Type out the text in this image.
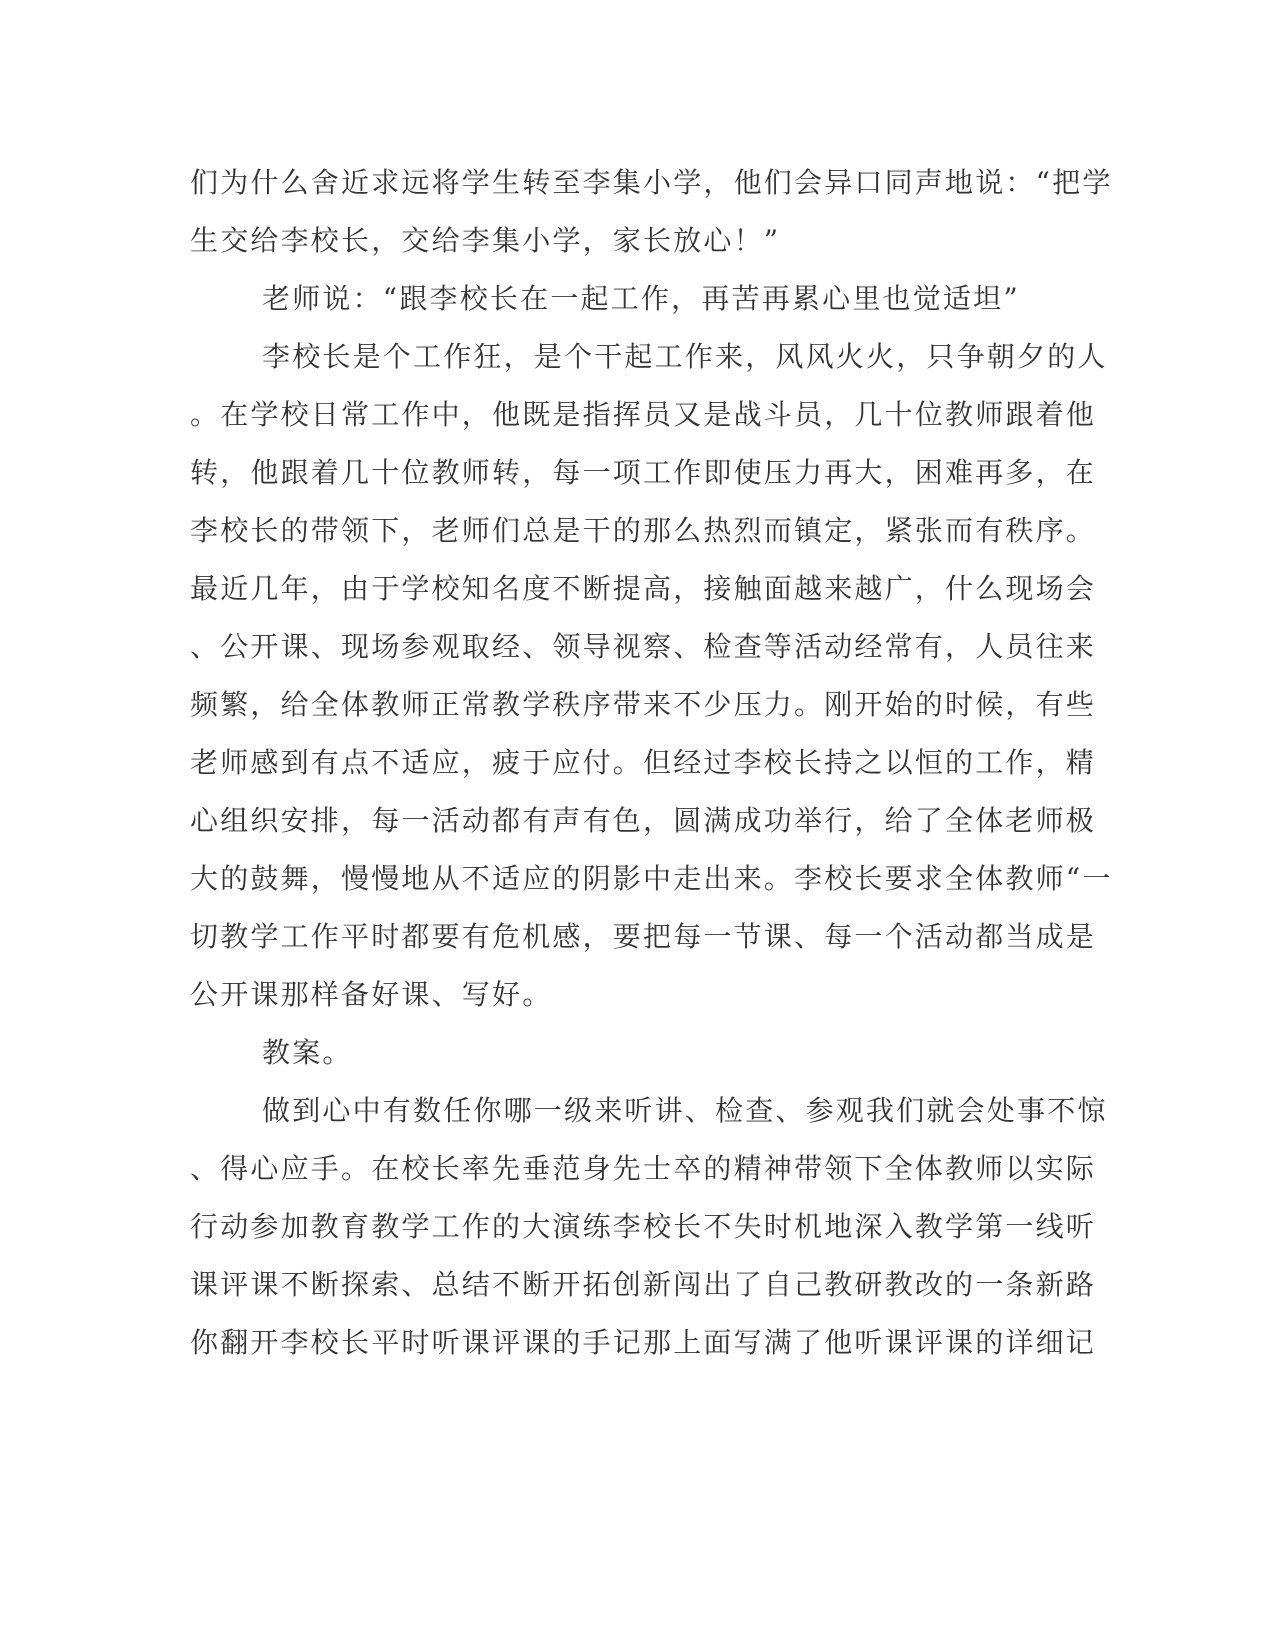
们为什么舍近求远将学生转至李集小学，他们会异口同声地说：“把学
生交给李校长，交给李集小学，家长放心！”
老师说：“跟李校长在一起工作，再苦再累心里也觉适坦”
李校长是个工作狂，是个干起工作来，风风火火，只争朝夕的人
。在学校日常工作中，他既是指挥员又是战斗员，几十位教师跟着他
转，他跟着几十位教师转，每一项工作即使压力再大，困难再多，在
李校长的带领下，老师们总是干的那么热烈而镇定，紧张而有秩序。
最近几年，由于学校知名度不断提高，接触面越来越广，什么现场会
、公开课、现场参观取经、领导视察、检查等活动经常有，人员往来
频繁，给全体教师正常教学秩序带来不少压力。刚开始的时候，有些
老师感到有点不适应，疲于应付。但经过李校长持之以恒的工作，精
心组织安排，每一活动都有声有色，圆满成功举行，给了全体老师极
大的鼓舞，慢慢地从不适应的阴影中走出来。李校长要求全体教师“一
切教学工作平时都要有危机感，要把每一节课、每一个活动都当成是
公开课那样备好课、写好。
教案。
做到心中有数任你哪一级来听讲、检查、参观我们就会处事不惊
、得心应手。在校长率先垂范身先士卒的精神带领下全体教师以实际
行动参加教育教学工作的大演练李校长不失时机地深入教学第一线听
课评课不断探索、总结不断开拓创新闯出了自己教研教改的一条新路
你翻开李校长平时听课评课的手记那上面写满了他听课评课的详细记
